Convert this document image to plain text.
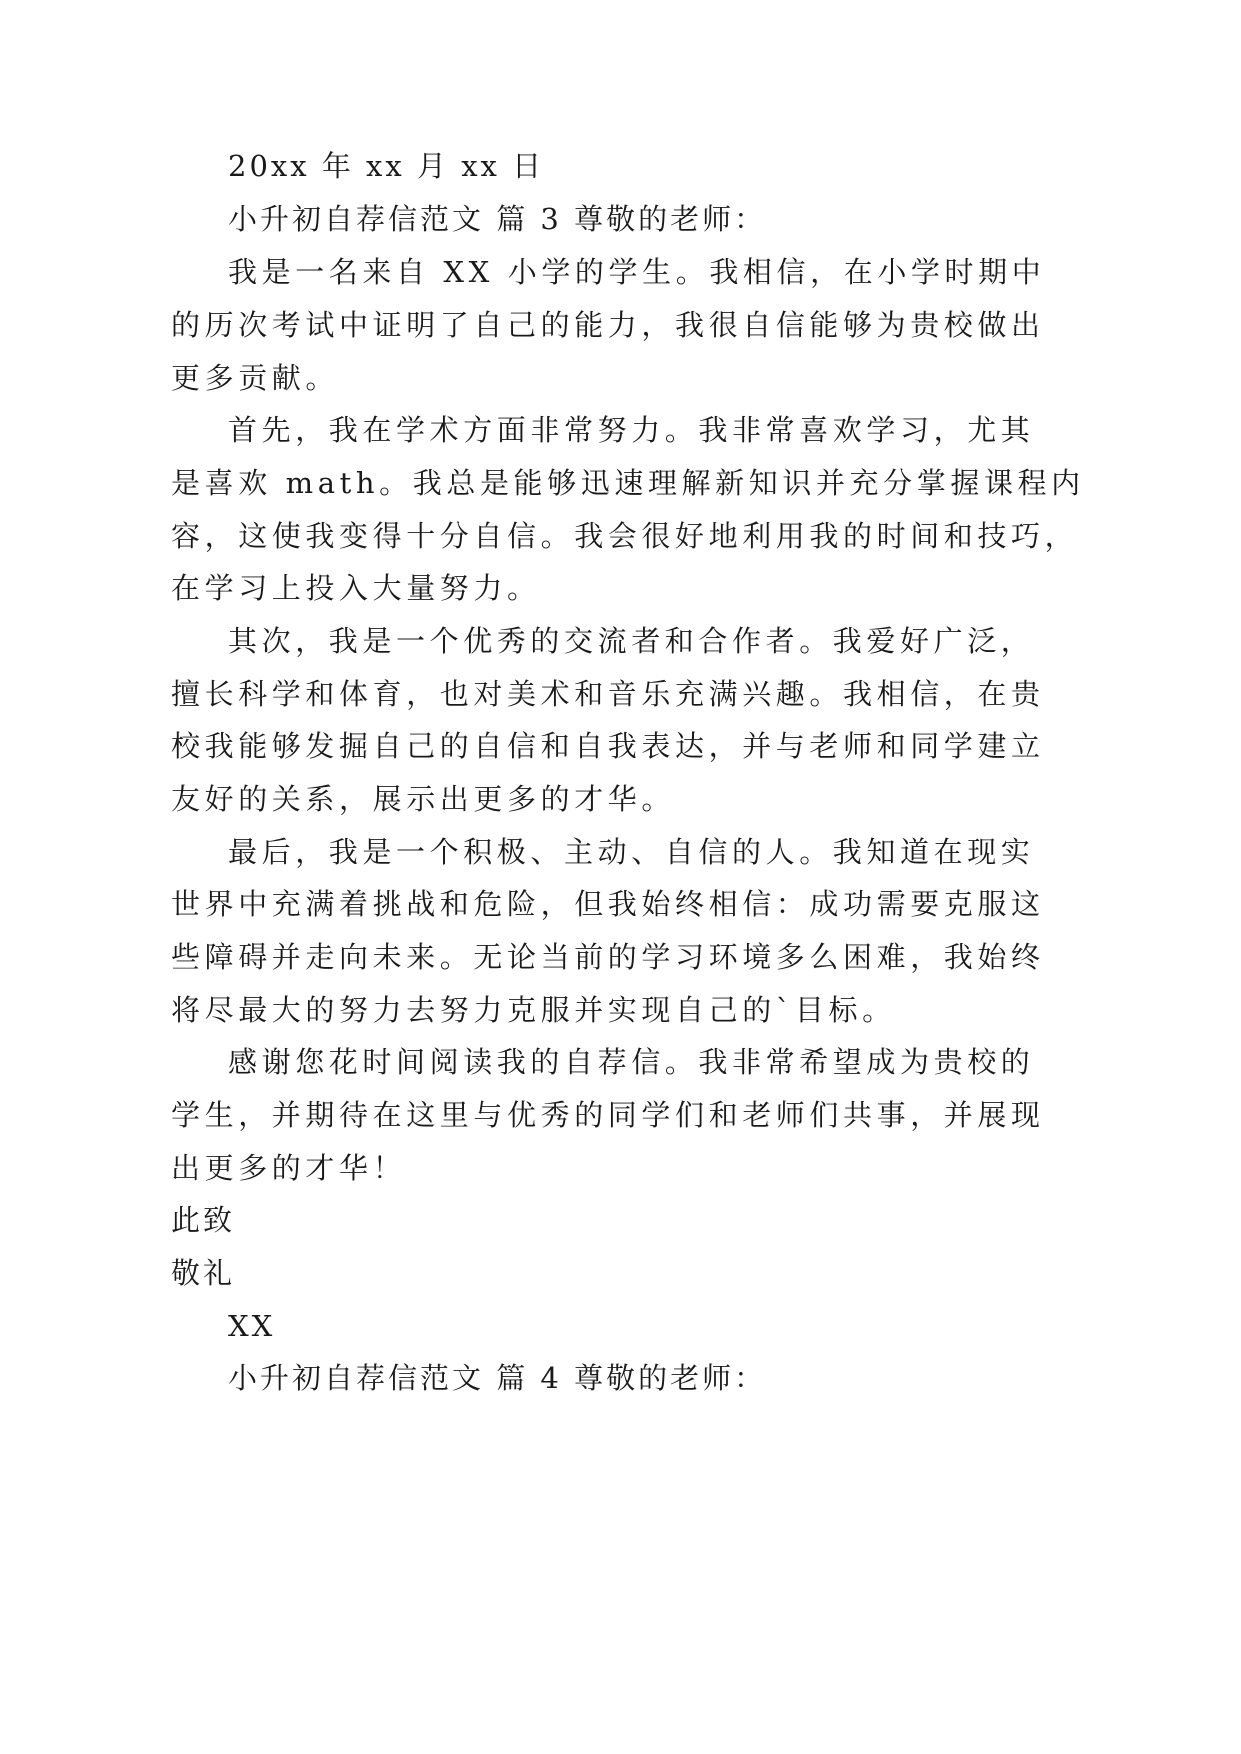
20xx 年 xx 月 xx 日
小升初自荐信范文 篇 3 尊敬的老师：
我是一名来自 XX 小学的学生。我相信，在小学时期中
的历次考试中证明了自己的能力，我很自信能够为贵校做出
更多贡献。
首先，我在学术方面非常努力。我非常喜欢学习，尤其
是喜欢 math。我总是能够迅速理解新知识并充分掌握课程内
容，这使我变得十分自信。我会很好地利用我的时间和技巧，
在学习上投入大量努力。
其次，我是一个优秀的交流者和合作者。我爱好广泛，
擅长科学和体育，也对美术和音乐充满兴趣。我相信，在贵
校我能够发掘自己的自信和自我表达，并与老师和同学建立
友好的关系，展示出更多的才华。
最后，我是一个积极、主动、自信的人。我知道在现实
世界中充满着挑战和危险，但我始终相信：成功需要克服这
些障碍并走向未来。无论当前的学习环境多么困难，我始终
将尽最大的努力去努力克服并实现自己的`目标。
感谢您花时间阅读我的自荐信。我非常希望成为贵校的
学生，并期待在这里与优秀的同学们和老师们共事，并展现
出更多的才华！
此致
敬礼
XX
小升初自荐信范文 篇 4 尊敬的老师：
